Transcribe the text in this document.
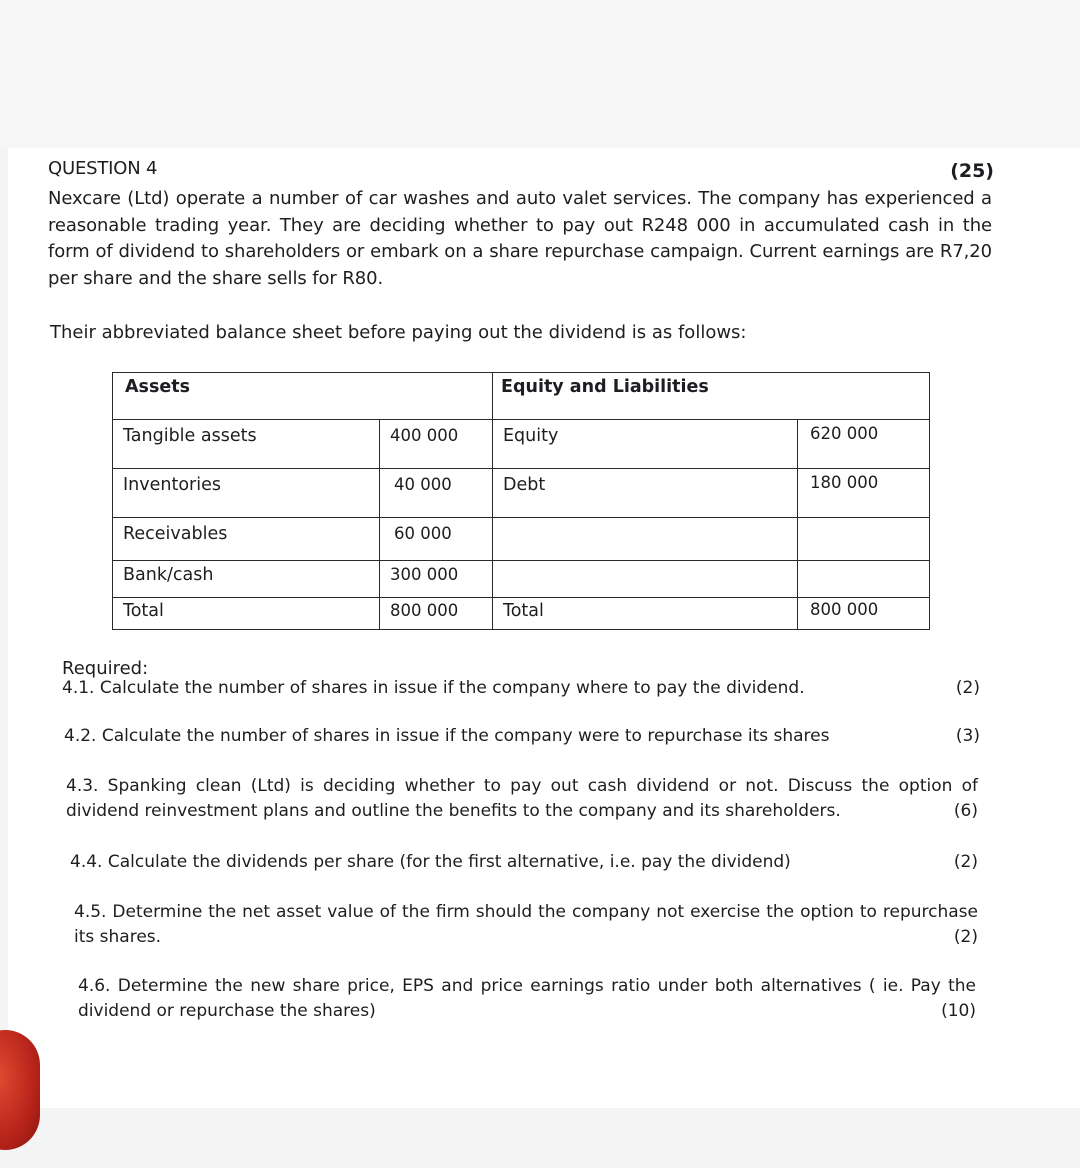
QUESTION 4	(25)
Nexcare (Ltd) operate a number of car washes and auto valet services. The company has experienced a reasonable trading year. They are deciding whether to pay out R248 000 in accumulated cash in the form of dividend to shareholders or embark on a share repurchase campaign. Current earnings are R7,20 per share and the share sells for R80.
Their abbreviated balance sheet before paying out the dividend is as follows:
Assets		Equity and Liabilities	
Tangible assets	400 000	Equity	620 000
Inventories	40 000	Debt	180 000
Receivables	60 000		
Bank/cash	300 000		
Total	800 000	Total	800 000
Required:
4.1. Calculate the number of shares in issue if the company where to pay the dividend.	(2)
4.2. Calculate the number of shares in issue if the company were to repurchase its shares	(3)
4.3. Spanking clean (Ltd) is deciding whether to pay out cash dividend or not. Discuss the option of dividend reinvestment plans and outline the benefits to the company and its shareholders.	(6)
4.4. Calculate the dividends per share (for the first alternative, i.e. pay the dividend)	(2)
4.5. Determine the net asset value of the firm should the company not exercise the option to repurchase its shares.	(2)
4.6. Determine the new share price, EPS and price earnings ratio under both alternatives ( ie. Pay the dividend or repurchase the shares)	(10)
